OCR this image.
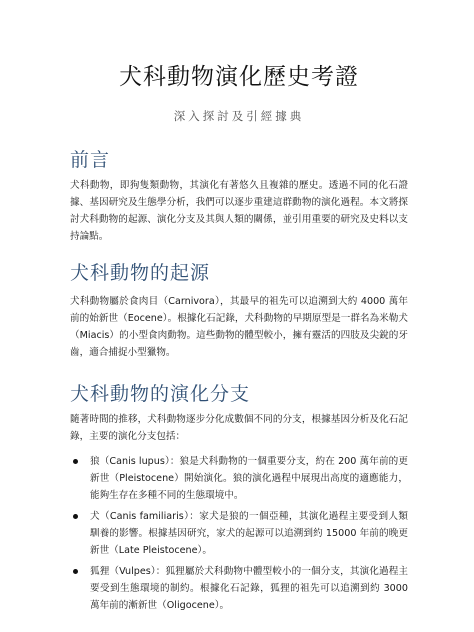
犬科動物演化歷史考證
深入探討及引經據典
前言

犬科動物，即狗隻類動物，其演化有著悠久且複雜的歷史。透過不同的化石證據、基因研究及生態學分析，我們可以逐步重建這群動物的演化過程。本文將探討犬科動物的起源、演化分支及其與人類的關係，並引用重要的研究及史料以支持論點。

犬科動物的起源

犬科動物屬於食肉目（Carnivora），其最早的祖先可以追溯到大約 4000 萬年前的始新世（Eocene）。根據化石記錄，犬科動物的早期原型是一群名為米勒犬（Miacis）的小型食肉動物。這些動物的體型較小，擁有靈活的四肢及尖銳的牙齒，適合捕捉小型獵物。

犬科動物的演化分支

隨著時間的推移，犬科動物逐步分化成數個不同的分支，根據基因分析及化石記錄，主要的演化分支包括：

狼（Canis lupus）：狼是犬科動物的一個重要分支，約在 200 萬年前的更新世（Pleistocene）開始演化。狼的演化過程中展現出高度的適應能力，能夠生存在多種不同的生態環境中。
犬（Canis familiaris）：家犬是狼的一個亞種，其演化過程主要受到人類馴養的影響。根據基因研究，家犬的起源可以追溯到約 15000 年前的晚更新世（Late Pleistocene）。
狐狸（Vulpes）：狐狸屬於犬科動物中體型較小的一個分支，其演化過程主要受到生態環境的制約。根據化石記錄，狐狸的祖先可以追溯到約 3000 萬年前的漸新世（Oligocene）。
